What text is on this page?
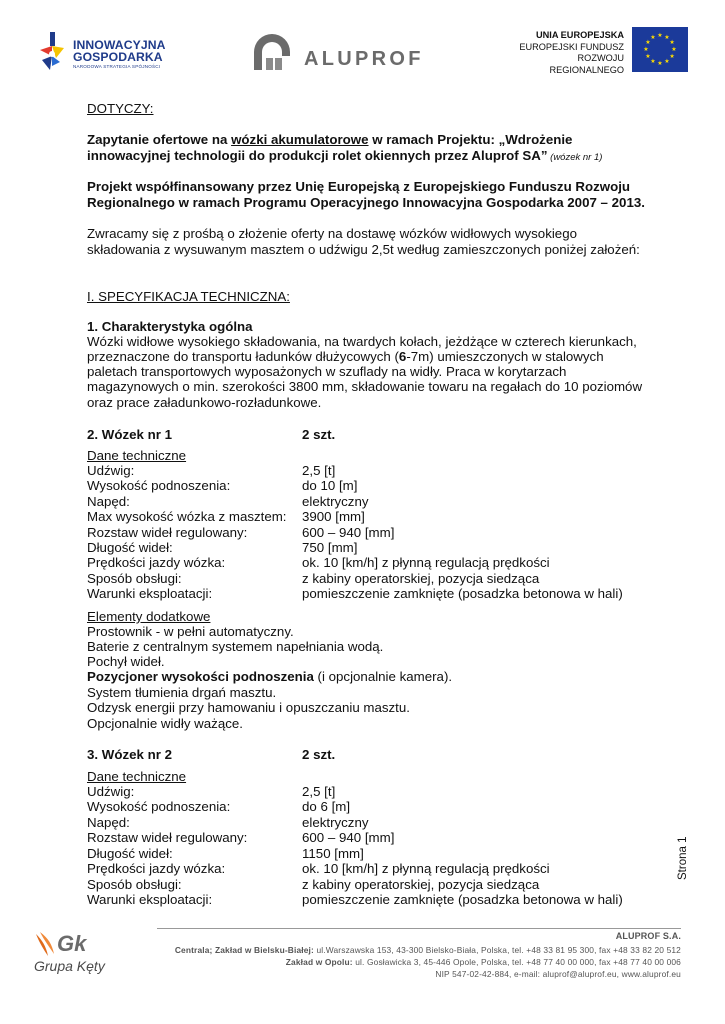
INNOWACYJNA
GOSPODARKA
NARODOWA STRATEGIA SPÓJNOŚCI	ALUPROF
UNIA EUROPEJSKA
EUROPEJSKI FUNDUSZ
ROZWOJU REGIONALNEGO
★ ★
★
★
★
★
★
★
★
★
★
★
DOTYCZY:
Zapytanie ofertowe na wózki akumulatorowe w ramach Projektu: „Wdrożenie
innowacyjnej technologii do produkcji rolet okiennych przez Aluprof SA” (wózek nr 1)
Projekt współfinansowany przez Unię Europejską z Europejskiego Funduszu Rozwoju
Regionalnego w ramach Programu Operacyjnego Innowacyjna Gospodarka 2007 – 2013.
Zwracamy się z prośbą o złożenie oferty na dostawę wózków widłowych wysokiego
składowania z wysuwanym masztem o udźwigu 2,5t według zamieszczonych poniżej założeń:
I. SPECYFIKACJA TECHNICZNA:
1. Charakterystyka ogólna
Wózki widłowe wysokiego składowania, na twardych kołach, jeżdżące w czterech kierunkach,
przeznaczone do transportu ładunków dłużycowych (6-7m) umieszczonych w stalowych
paletach transportowych wyposażonych w szuflady na widły. Praca w korytarzach
magazynowych o min. szerokości 3800 mm, składowanie towaru na regałach do 10 poziomów
oraz prace załadunkowo-rozładunkowe.
2. Wózek nr 1	2 szt.
Dane techniczne
Udźwig:	2,5 [t]
Wysokość podnoszenia:	do 10 [m]
Napęd:	elektryczny
Max wysokość wózka z masztem: 3900 [mm]
Rozstaw wideł regulowany:	600 – 940 [mm]
Długość wideł:	750 [mm]
Prędkości jazdy wózka:	ok. 10 [km/h] z płynną regulacją prędkości
Sposób obsługi:	z kabiny operatorskiej, pozycja siedząca
Warunki eksploatacji:	pomieszczenie zamknięte (posadzka betonowa w hali)
Elementy dodatkowe
Prostownik - w pełni automatyczny.
Baterie z centralnym systemem napełniania wodą.
Pochył wideł.
Pozycjoner wysokości podnoszenia (i opcjonalnie kamera).
System tłumienia drgań masztu.
Odzysk energii przy hamowaniu i opuszczaniu masztu.
Opcjonalnie widły ważące.
3. Wózek nr 2	2 szt.
Dane techniczne
Udźwig:	2,5 [t]
Wysokość podnoszenia:	do 6 [m]
Napęd:	elektryczny
Rozstaw wideł regulowany:	600 – 940 [mm]
Długość wideł:	1150 [mm]
Prędkości jazdy wózka:	ok. 10 [km/h] z płynną regulacją prędkości
Sposób obsługi:	z kabiny operatorskiej, pozycja siedząca
Warunki eksploatacji:	pomieszczenie zamknięte (posadzka betonowa w hali)
Strona 1
Gk
Grupa Kęty
ALUPROF S.A.
Centrala; Zakład w Bielsku-Białej: ul.Warszawska 153, 43-300 Bielsko-Biała, Polska, tel. +48 33 81 95 300, fax +48 33 82 20 512
Zakład w Opolu: ul. Gosławicka 3, 45-446 Opole, Polska, tel. +48 77 40 00 000, fax +48 77 40 00 006
NIP 547-02-42-884, e-mail: aluprof@aluprof.eu, www.aluprof.eu
